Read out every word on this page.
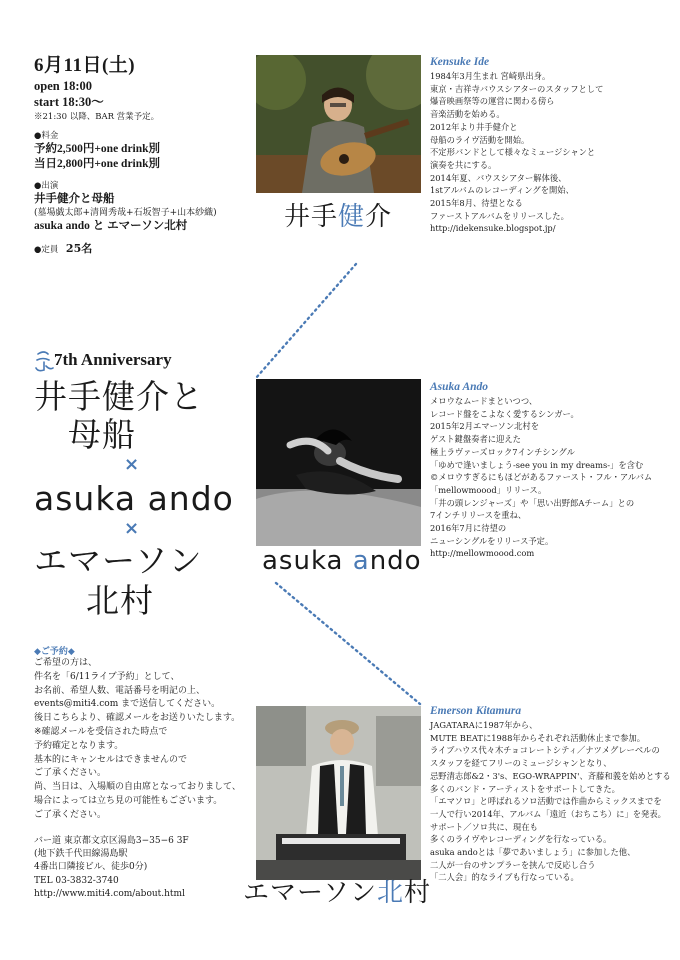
6月11日(土)
open 18:00
start 18:30〜
※21:30 以降、BAR 営業予定。
●料金
予約2,500円+one drink別
当日2,800円+one drink別
●出演
井手健介と母船
(墓場戯太郎+清岡秀哉+石坂智子+山本紗織)
asuka ando と エマーソン北村
●定員 25名
井手健介
Kensuke Ide
1984年3月生まれ 宮崎県出身。
東京・吉祥寺バウスシアターのスタッフとして
爆音映画祭等の運営に関わる傍ら
音楽活動を始める。
2012年より井手健介と
母船のライヴ活動を開始。
不定形バンドとして様々なミュージシャンと
演奏を共にする。
2014年夏、バウスシアター解体後、
1stアルバムのレコーディングを開始、
2015年8月、待望となる
ファーストアルバムをリリースした。
http://idekensuke.blogspot.jp/
7th Anniversary
井手健介と
母船
×
asuka ando
×
エマーソン
北村
asuka ando
Asuka Ando
メロウなムードまといつつ、
レコード盤をこよなく愛するシンガー。
2015年2月エマーソン北村を
ゲスト鍵盤奏者に迎えた
極上ラヴァーズロック7インチシングル
「ゆめで逢いましょう-see you in my dreams-」を含む
©メロウすぎるにもほどがあるファースト・フル・アルバム
「mellowmoood」リリース。
「井の頭レンジャーズ」や「思い出野郎Aチーム」との
7インチリリースを重ね、
2016年7月に待望の
ニューシングルをリリース予定。
http://mellowmoood.com
エマーソン北村
Emerson Kitamura
JAGATARAに1987年から、
MUTE BEATに1988年からそれぞれ活動休止まで参加。
ライブハウス代々木チョコレートシティ／ナツメグレーベルの
スタッフを経てフリーのミュージシャンとなり、
忌野清志郎&2・3's、EGO-WRAPPIN'、斉藤和義を始めとする
多くのバンド・アーティストをサポートしてきた。
「エマソロ」と呼ばれるソロ活動では作曲からミックスまでを
一人で行い2014年、アルバム「遠近（おちこち）に」を発表。
サポート／ソロ共に、現在も
多くのライヴやレコーディングを行なっている。
asuka andoとは「夢であいましょう」に参加した他、
二人が一台のサンプラーを挟んで反応し合う
「二人会」的なライブも行なっている。
◆ご予約◆
ご希望の方は、
件名を「6/11ライブ予約」として、
お名前、希望人数、電話番号を明記の上、
events@miti4.com まで送信してください。
後日こちらより、確認メールをお送りいたします。
※確認メールを受信された時点で
予約確定となります。
基本的にキャンセルはできませんので
ご了承ください。
尚、当日は、入場順の自由席となっておりまして、
場合によっては立ち見の可能性もございます。
ご了承ください。
バー道 東京都文京区湯島3−35−6 3F
(地下鉄千代田線湯島駅
4番出口隣接ビル、徒歩0分)
TEL 03-3832-3740
http://www.miti4.com/about.html
